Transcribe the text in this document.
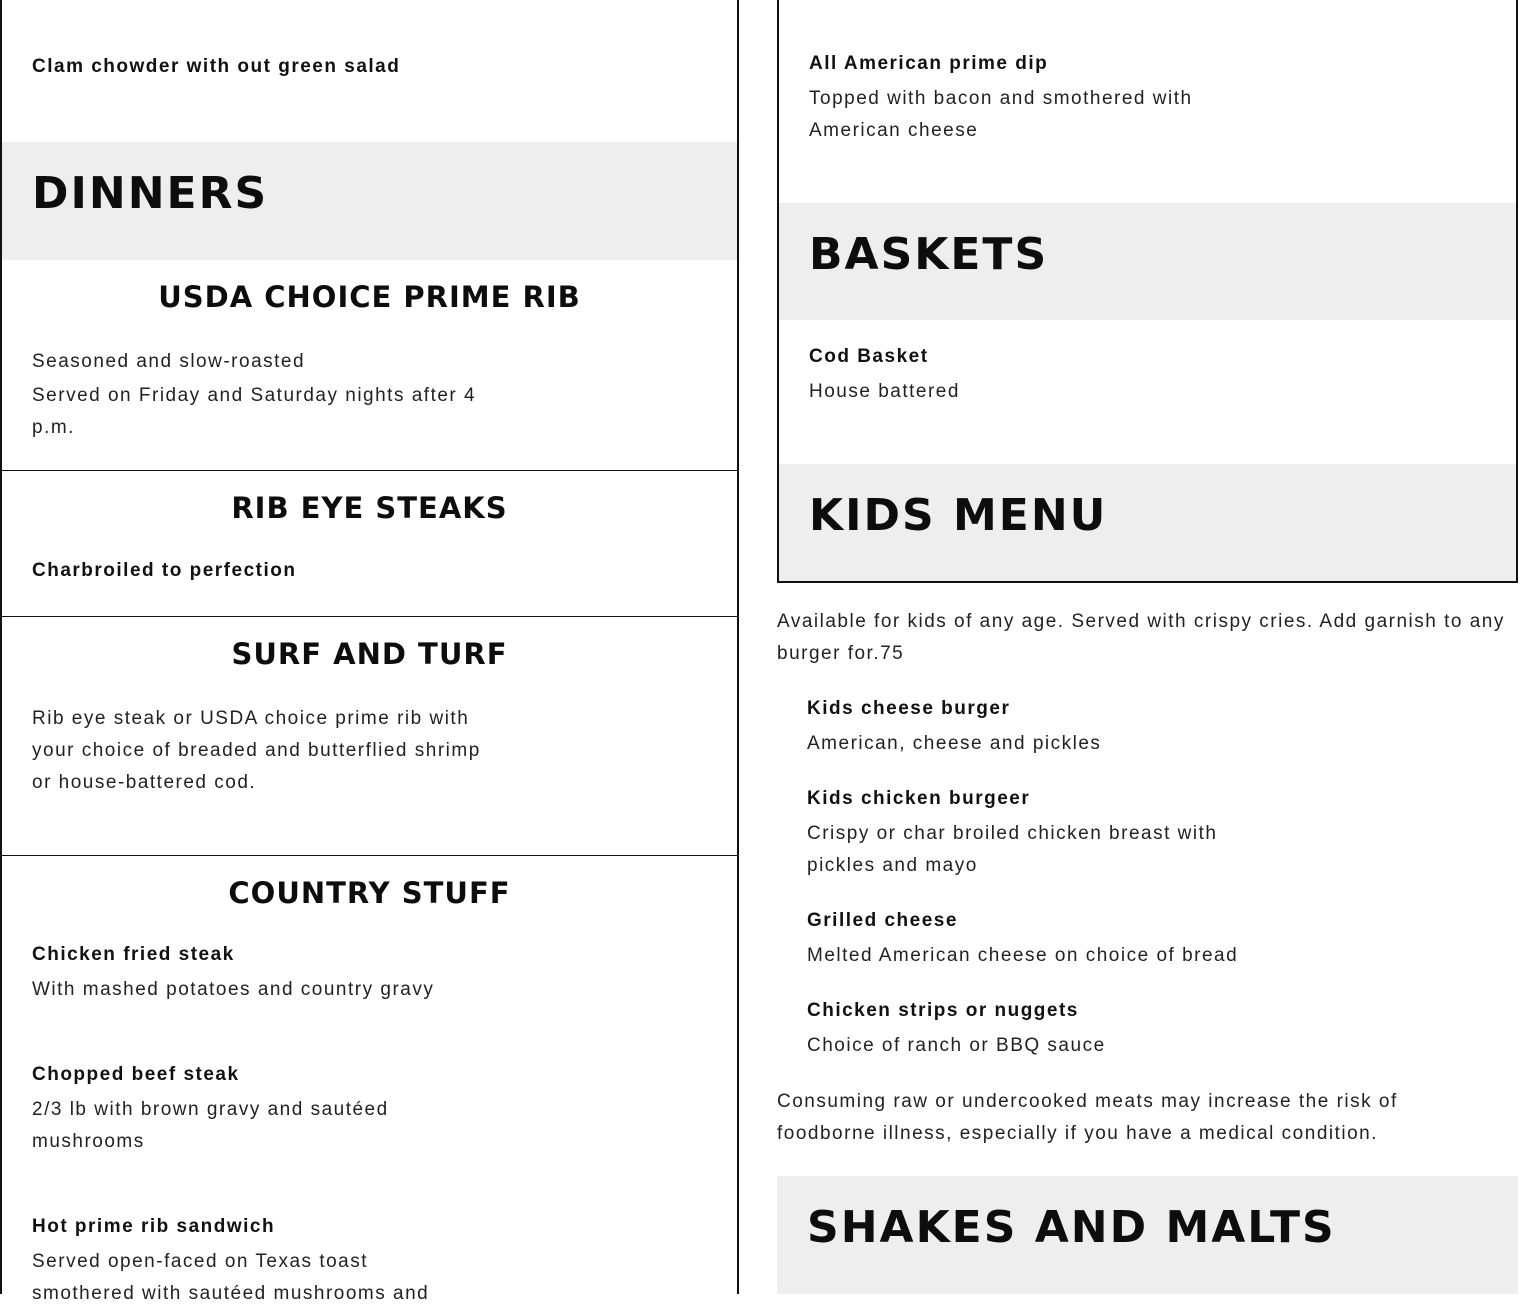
Clam chowder with out green salad
DINNERS
USDA CHOICE PRIME RIB
Seasoned and slow-roasted
Served on Friday and Saturday nights after 4 p.m.
RIB EYE STEAKS
Charbroiled to perfection
SURF AND TURF
Rib eye steak or USDA choice prime rib with your choice of breaded and butterflied shrimp or house-battered cod.
COUNTRY STUFF
Chicken fried steak
With mashed potatoes and country gravy
Chopped beef steak
2/3 lb with brown gravy and sautéed mushrooms
Hot prime rib sandwich
Served open-faced on Texas toast smothered with sautéed mushrooms and
All American prime dip
Topped with bacon and smothered with American cheese
BASKETS
Cod Basket
House battered
KIDS MENU
Available for kids of any age. Served with crispy cries. Add garnish to any burger for.75
Kids cheese burger
American, cheese and pickles
Kids chicken burgeer
Crispy or char broiled chicken breast with pickles and mayo
Grilled cheese
Melted American cheese on choice of bread
Chicken strips or nuggets
Choice of ranch or BBQ sauce
Consuming raw or undercooked meats may increase the risk of foodborne illness, especially if you have a medical condition.
SHAKES AND MALTS
